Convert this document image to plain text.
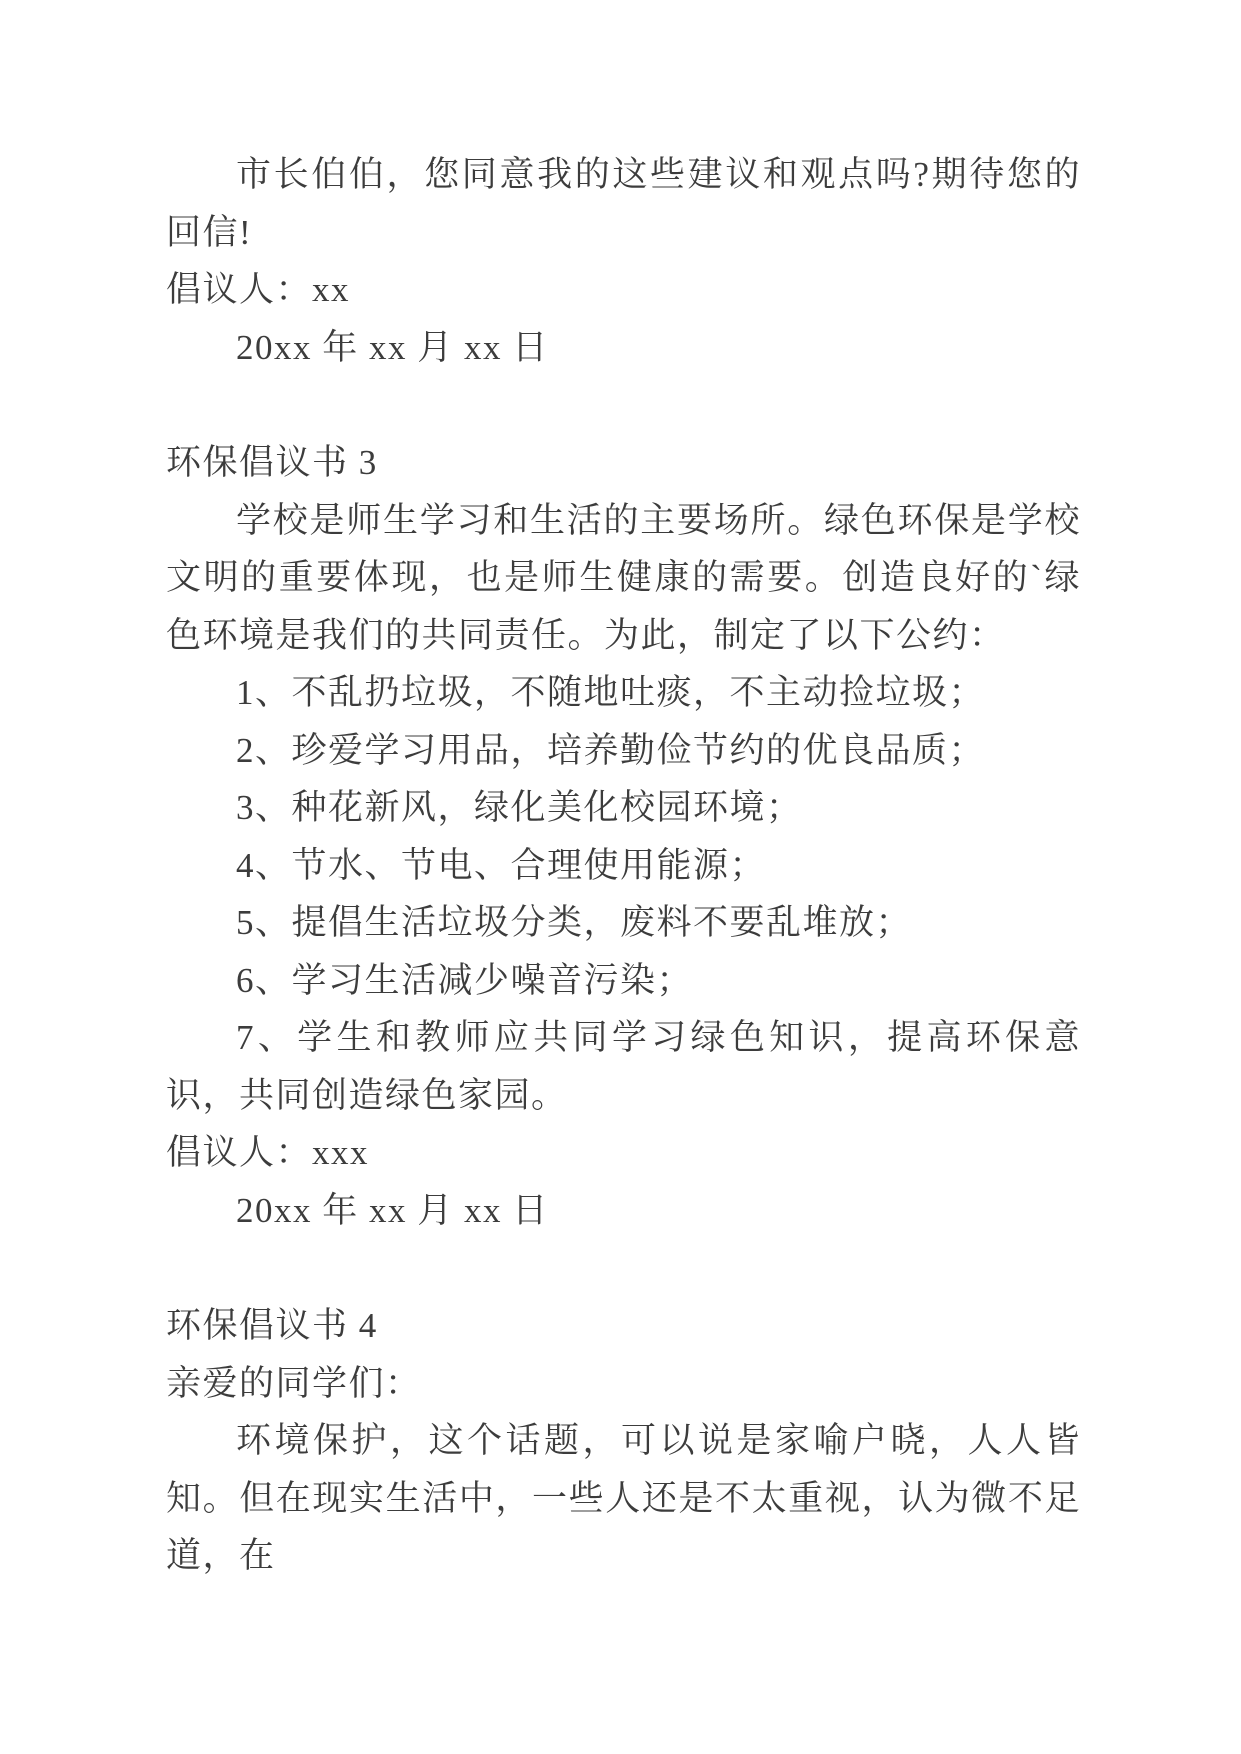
市长伯伯，您同意我的这些建议和观点吗?期待您的回信!

倡议人：xx

20xx 年 xx 月 xx 日

环保倡议书 3

学校是师生学习和生活的主要场所。绿色环保是学校文明的重要体现，也是师生健康的需要。创造良好的`绿色环境是我们的共同责任。为此，制定了以下公约：

1、不乱扔垃圾，不随地吐痰，不主动捡垃圾；

2、珍爱学习用品，培养勤俭节约的优良品质；

3、种花新风，绿化美化校园环境；

4、节水、节电、合理使用能源；

5、提倡生活垃圾分类，废料不要乱堆放；

6、学习生活减少噪音污染；

7、学生和教师应共同学习绿色知识，提高环保意识，共同创造绿色家园。

倡议人：xxx

20xx 年 xx 月 xx 日

环保倡议书 4

亲爱的同学们：

环境保护，这个话题，可以说是家喻户晓，人人皆知。但在现实生活中，一些人还是不太重视，认为微不足道，在
